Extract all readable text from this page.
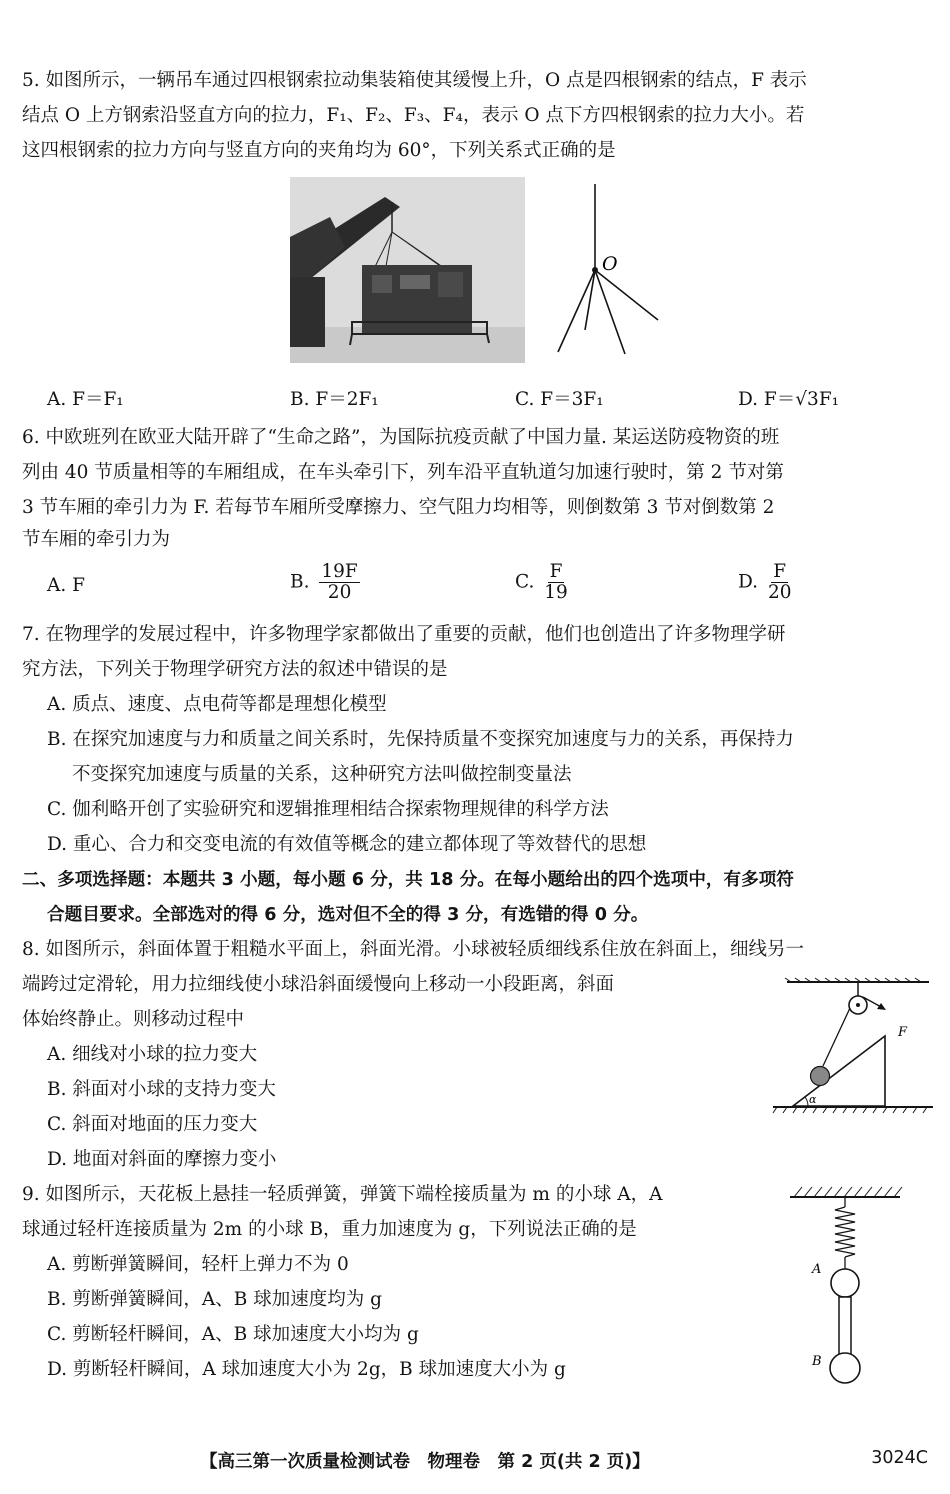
5. 如图所示，一辆吊车通过四根钢索拉动集装箱使其缓慢上升，O 点是四根钢索的结点，F 表示
结点 O 上方钢索沿竖直方向的拉力，F₁、F₂、F₃、F₄，表示 O 点下方四根钢索的拉力大小。若
这四根钢索的拉力方向与竖直方向的夹角均为 60°，下列关系式正确的是
O
A. F＝F₁	B. F＝2F₁	C. F＝3F₁	D. F＝√3F₁
6. 中欧班列在欧亚大陆开辟了“生命之路”，为国际抗疫贡献了中国力量. 某运送防疫物资的班
列由 40 节质量相等的车厢组成，在车头牵引下，列车沿平直轨道匀加速行驶时，第 2 节对第
3 节车厢的牵引力为 F. 若每节车厢所受摩擦力、空气阻力均相等，则倒数第 3 节对倒数第 2
节车厢的牵引力为
A. F	B. $\frac{19F}{20}$	C. $\frac{F}{19}$	D. $\frac{F}{20}$
7. 在物理学的发展过程中，许多物理学家都做出了重要的贡献，他们也创造出了许多物理学研
究方法，下列关于物理学研究方法的叙述中错误的是
A. 质点、速度、点电荷等都是理想化模型
B. 在探究加速度与力和质量之间关系时，先保持质量不变探究加速度与力的关系，再保持力
不变探究加速度与质量的关系，这种研究方法叫做控制变量法
C. 伽利略开创了实验研究和逻辑推理相结合探索物理规律的科学方法
D. 重心、合力和交变电流的有效值等概念的建立都体现了等效替代的思想
二、多项选择题：本题共 3 小题，每小题 6 分，共 18 分。在每小题给出的四个选项中，有多项符
合题目要求。全部选对的得 6 分，选对但不全的得 3 分，有选错的得 0 分。
8. 如图所示，斜面体置于粗糙水平面上，斜面光滑。小球被轻质细线系住放在斜面上，细线另一
端跨过定滑轮，用力拉细线使小球沿斜面缓慢向上移动一小段距离，斜面
体始终静止。则移动过程中
A. 细线对小球的拉力变大
B. 斜面对小球的支持力变大
C. 斜面对地面的压力变大
D. 地面对斜面的摩擦力变小
F
α
9. 如图所示，天花板上悬挂一轻质弹簧，弹簧下端栓接质量为 m 的小球 A，A
球通过轻杆连接质量为 2m 的小球 B，重力加速度为 g，下列说法正确的是
A. 剪断弹簧瞬间，轻杆上弹力不为 0
B. 剪断弹簧瞬间，A、B 球加速度均为 g
C. 剪断轻杆瞬间，A、B 球加速度大小均为 g
D. 剪断轻杆瞬间，A 球加速度大小为 2g，B 球加速度大小为 g
A
B
【高三第一次质量检测试卷　物理卷　第 2 页(共 2 页)】	3024C
